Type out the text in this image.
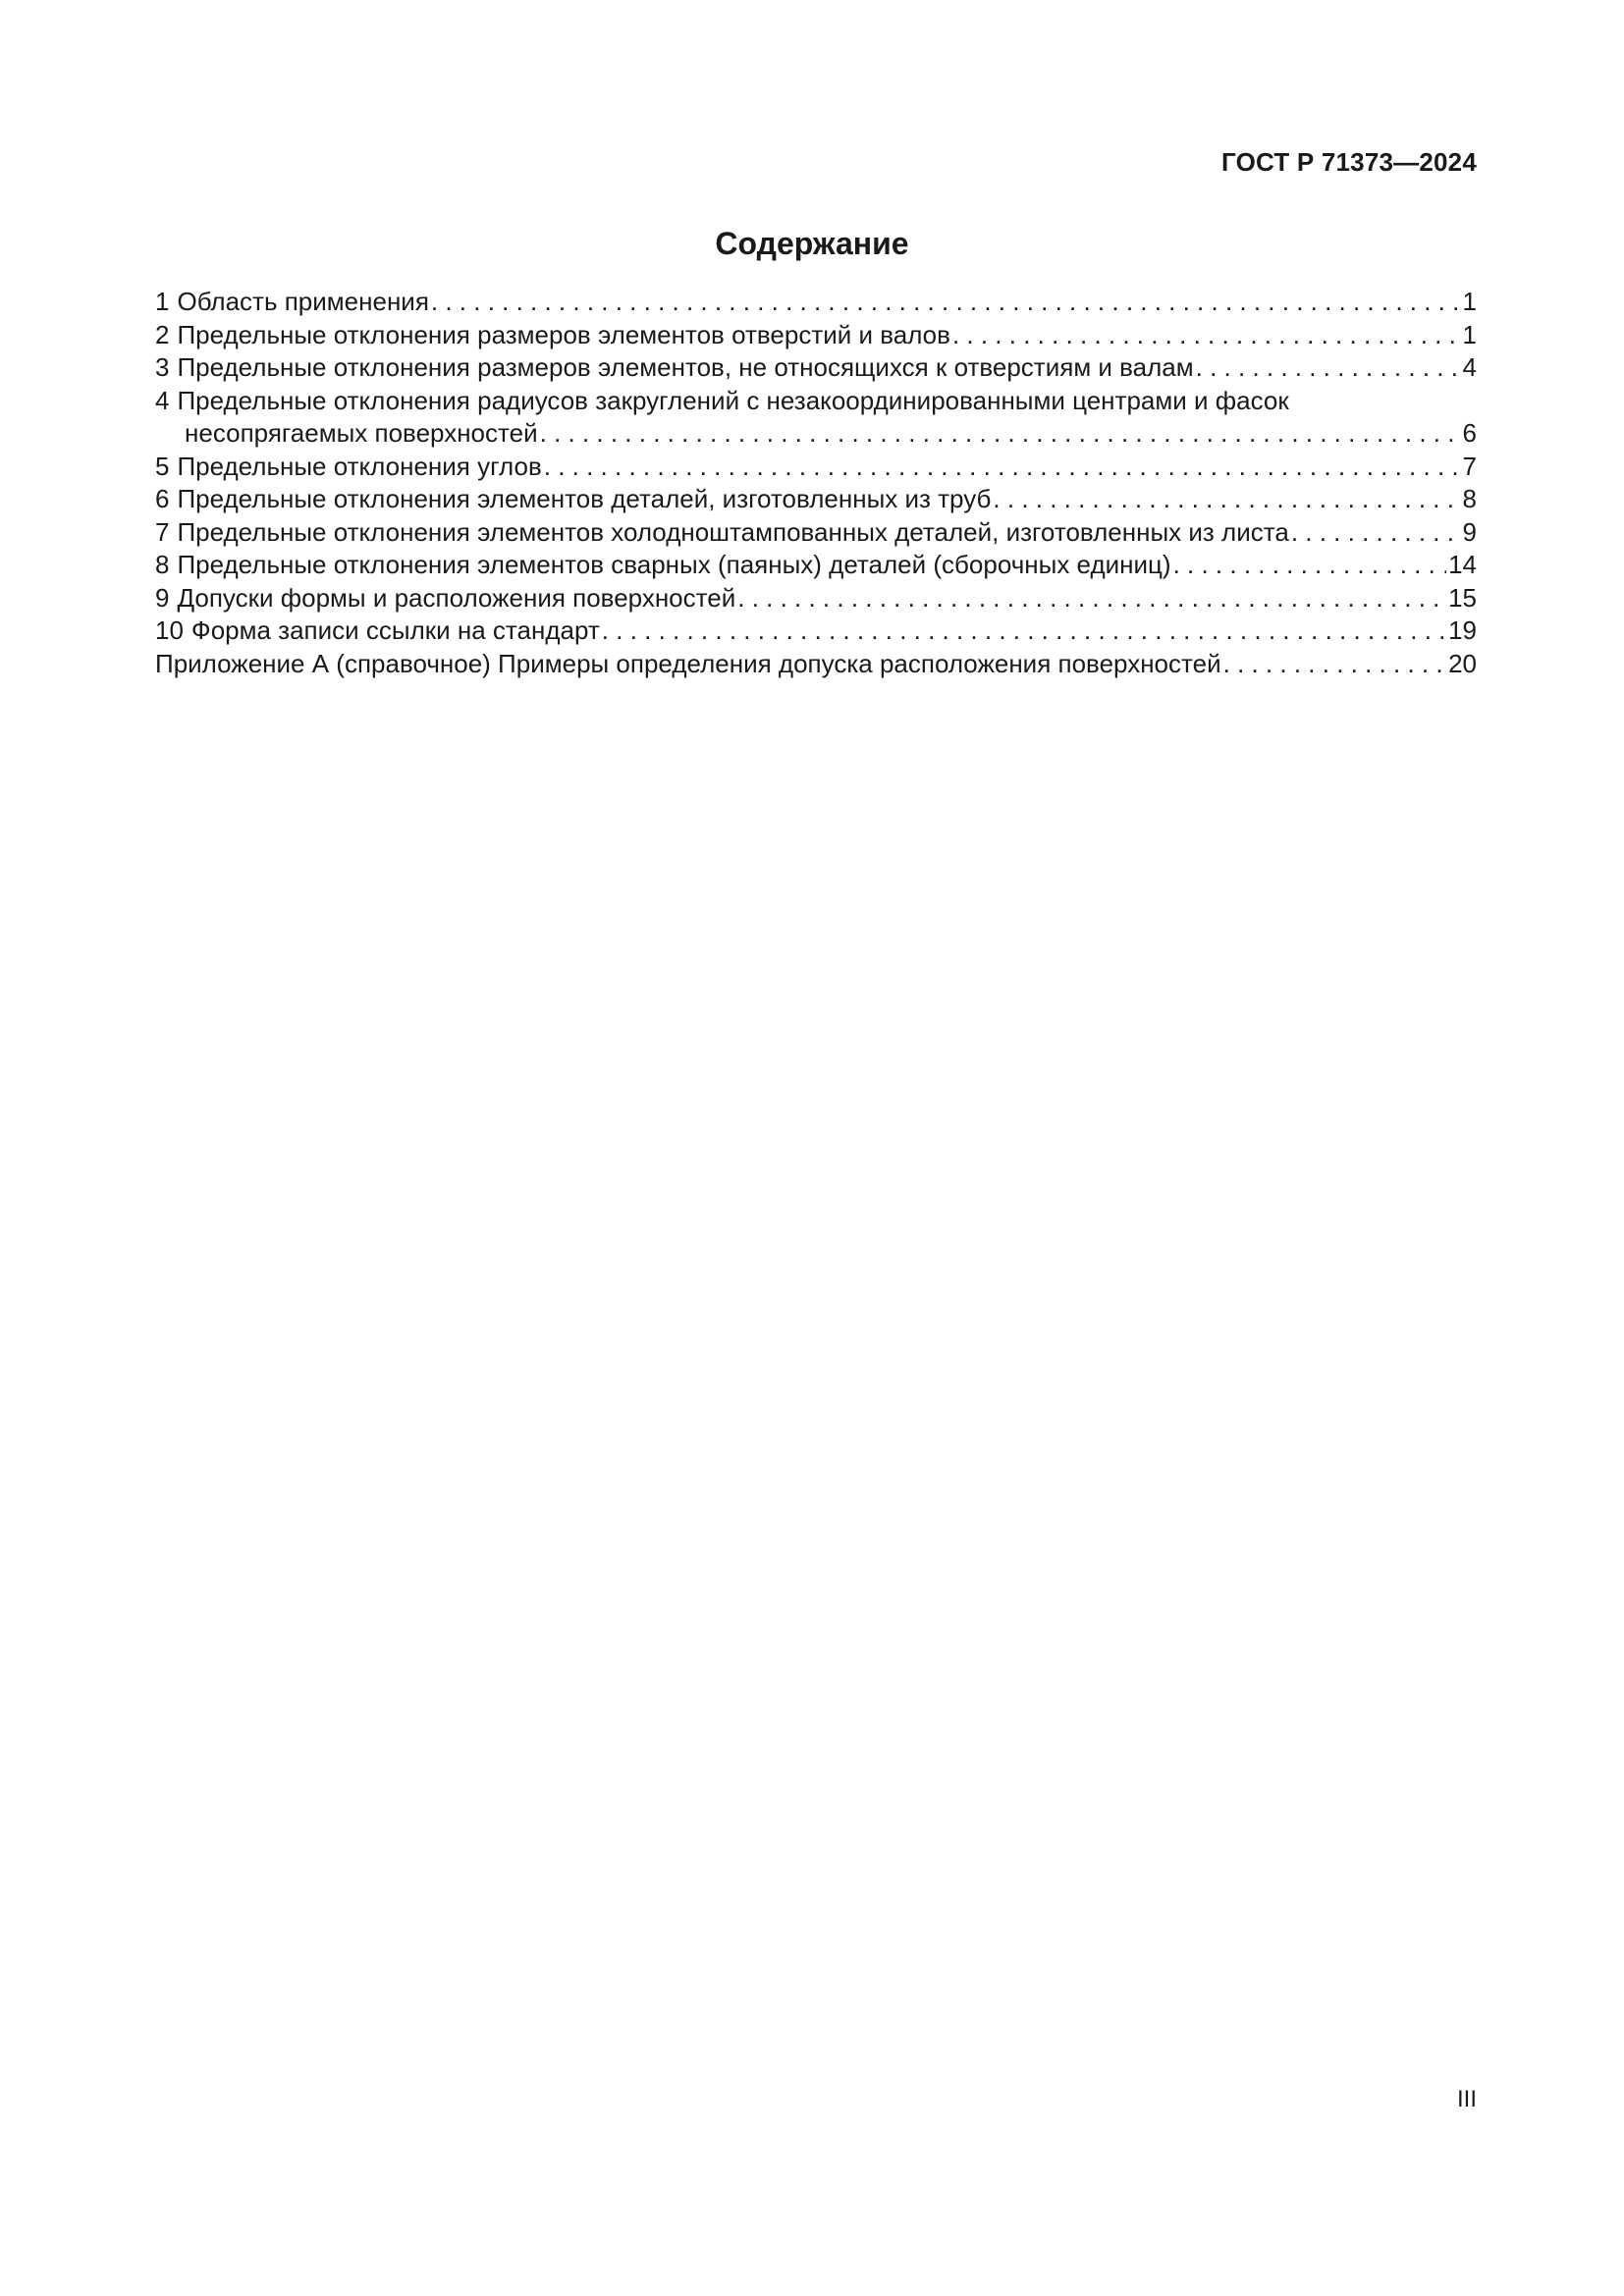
ГОСТ Р 71373—2024
Содержание
1 Область применения . . .	1
2 Предельные отклонения размеров элементов отверстий и валов . . .	1
3 Предельные отклонения размеров элементов, не относящихся к отверстиям и валам . . .	4
4 Предельные отклонения радиусов закруглений с незакоординированными центрами и фасок
несопрягаемых поверхностей . . .	6
5 Предельные отклонения углов . . .	7
6 Предельные отклонения элементов деталей, изготовленных из труб . . .	8
7 Предельные отклонения элементов холодноштампованных деталей, изготовленных из листа . . .	9
8 Предельные отклонения элементов сварных (паяных) деталей (сборочных единиц) . . .	14
9 Допуски формы и расположения поверхностей . . .	15
10 Форма записи ссылки на стандарт . . .	19
Приложение А (справочное) Примеры определения допуска расположения поверхностей . . .	20
III
